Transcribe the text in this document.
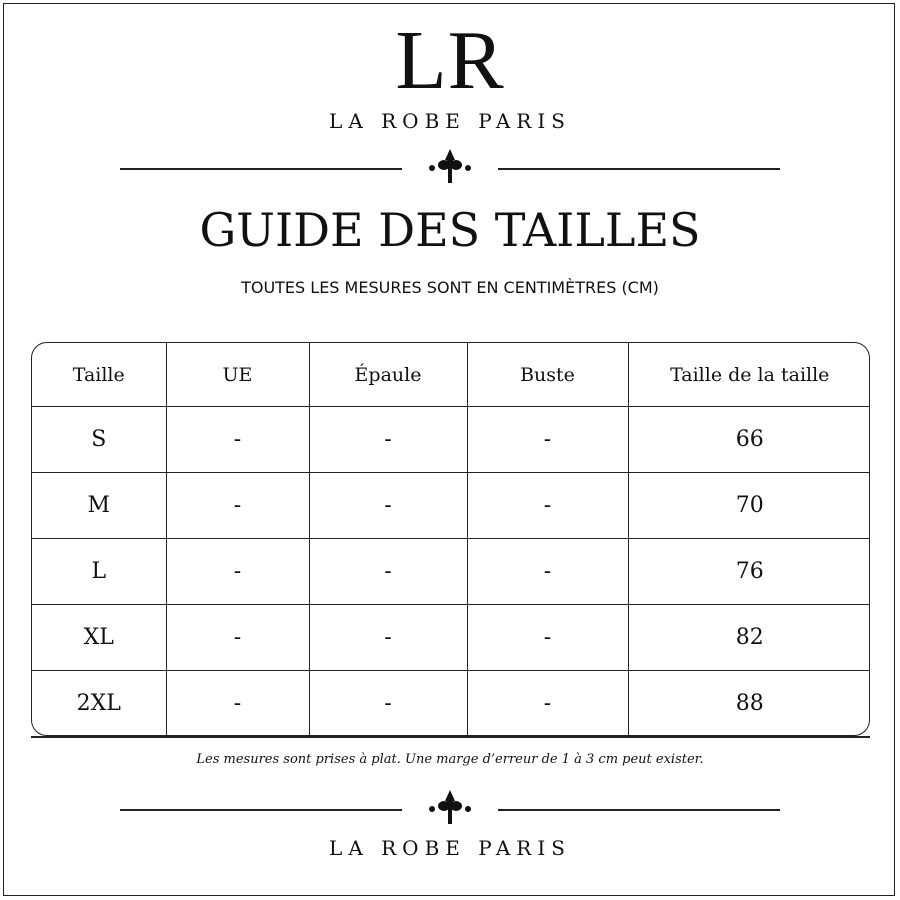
LR
LA ROBE PARIS
GUIDE DES TAILLES
TOUTES LES MESURES SONT EN CENTIMÈTRES (CM)
Taille	UE	Épaule	Buste	Taille de la taille
S	-	-	-	66
M	-	-	-	70
L	-	-	-	76
XL	-	-	-	82
2XL	-	-	-	88
Les mesures sont prises à plat. Une marge d’erreur de 1 à 3 cm peut exister.
LA ROBE PARIS
